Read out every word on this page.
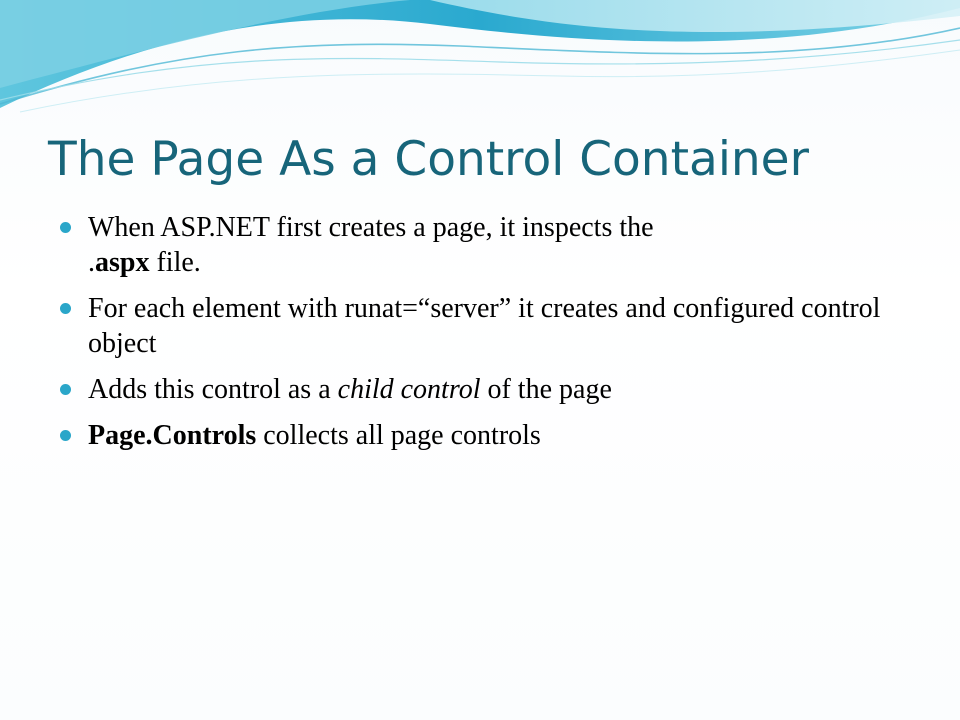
The Page As a Control Container
When ASP.NET first creates a page, it inspects the
.aspx file.
For each element with runat=“server” it creates and configured control object
Adds this control as a child control of the page
Page.Controls collects all page controls
